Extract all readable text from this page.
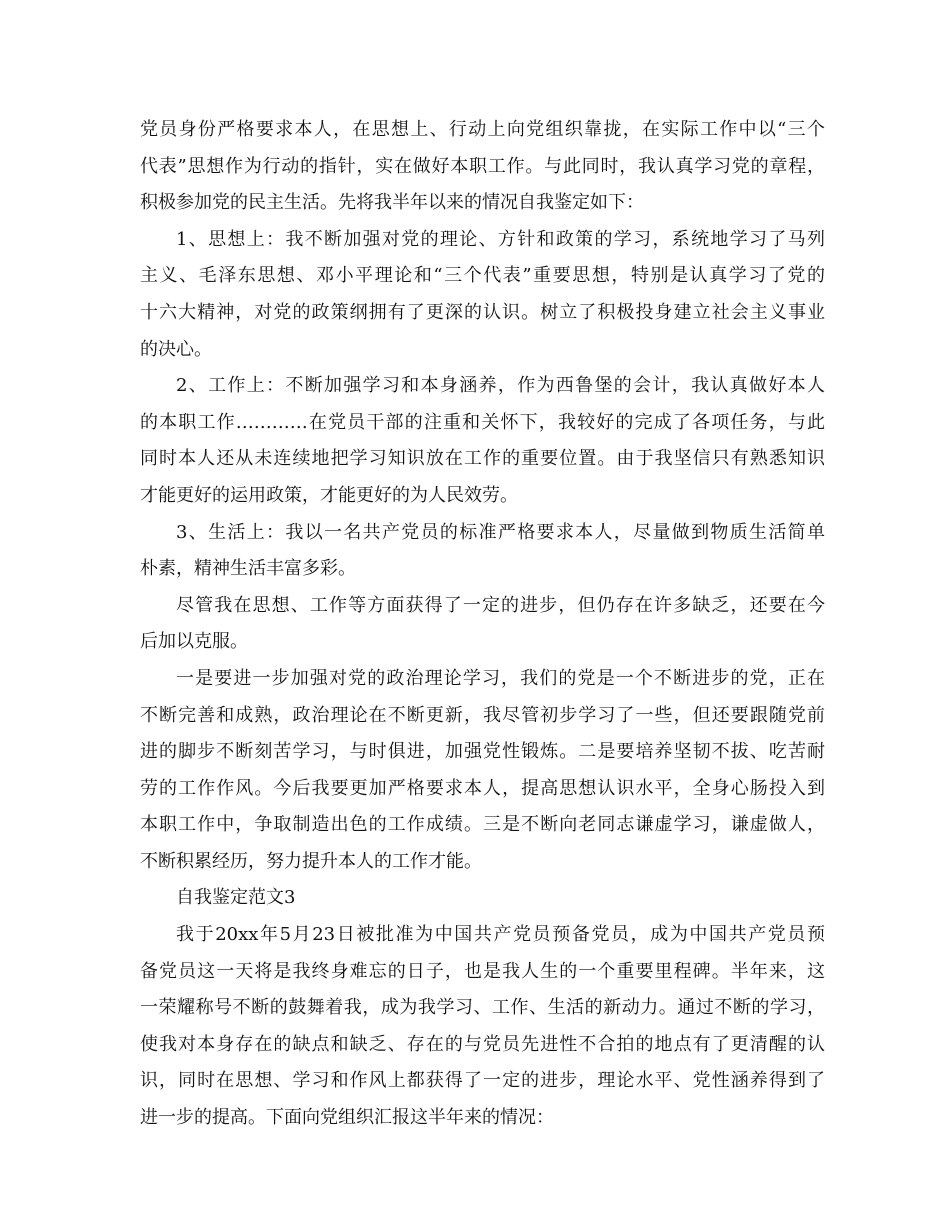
党员身份严格要求本人，在思想上、行动上向党组织靠拢，在实际工作中以“三个
代表”思想作为行动的指针，实在做好本职工作。与此同时，我认真学习党的章程，
积极参加党的民主生活。先将我半年以来的情况自我鉴定如下：
1、思想上：我不断加强对党的理论、方针和政策的学习，系统地学习了马列
主义、毛泽东思想、邓小平理论和“三个代表”重要思想，特别是认真学习了党的
十六大精神，对党的政策纲拥有了更深的认识。树立了积极投身建立社会主义事业
的决心。
2、工作上：不断加强学习和本身涵养，作为西鲁堡的会计，我认真做好本人
的本职工作…………在党员干部的注重和关怀下，我较好的完成了各项任务，与此
同时本人还从未连续地把学习知识放在工作的重要位置。由于我坚信只有熟悉知识
才能更好的运用政策，才能更好的为人民效劳。
3、生活上：我以一名共产党员的标准严格要求本人，尽量做到物质生活简单
朴素，精神生活丰富多彩。
尽管我在思想、工作等方面获得了一定的进步，但仍存在许多缺乏，还要在今
后加以克服。
一是要进一步加强对党的政治理论学习，我们的党是一个不断进步的党，正在
不断完善和成熟，政治理论在不断更新，我尽管初步学习了一些，但还要跟随党前
进的脚步不断刻苦学习，与时俱进，加强党性锻炼。二是要培养坚韧不拔、吃苦耐
劳的工作作风。今后我要更加严格要求本人，提高思想认识水平，全身心肠投入到
本职工作中，争取制造出色的工作成绩。三是不断向老同志谦虚学习，谦虚做人，
不断积累经历，努力提升本人的工作才能。
自我鉴定范文3
我于20xx年5月23日被批准为中国共产党员预备党员，成为中国共产党员预
备党员这一天将是我终身难忘的日子，也是我人生的一个重要里程碑。半年来，这
一荣耀称号不断的鼓舞着我，成为我学习、工作、生活的新动力。通过不断的学习，
使我对本身存在的缺点和缺乏、存在的与党员先进性不合拍的地点有了更清醒的认
识，同时在思想、学习和作风上都获得了一定的进步，理论水平、党性涵养得到了
进一步的提高。下面向党组织汇报这半年来的情况：
